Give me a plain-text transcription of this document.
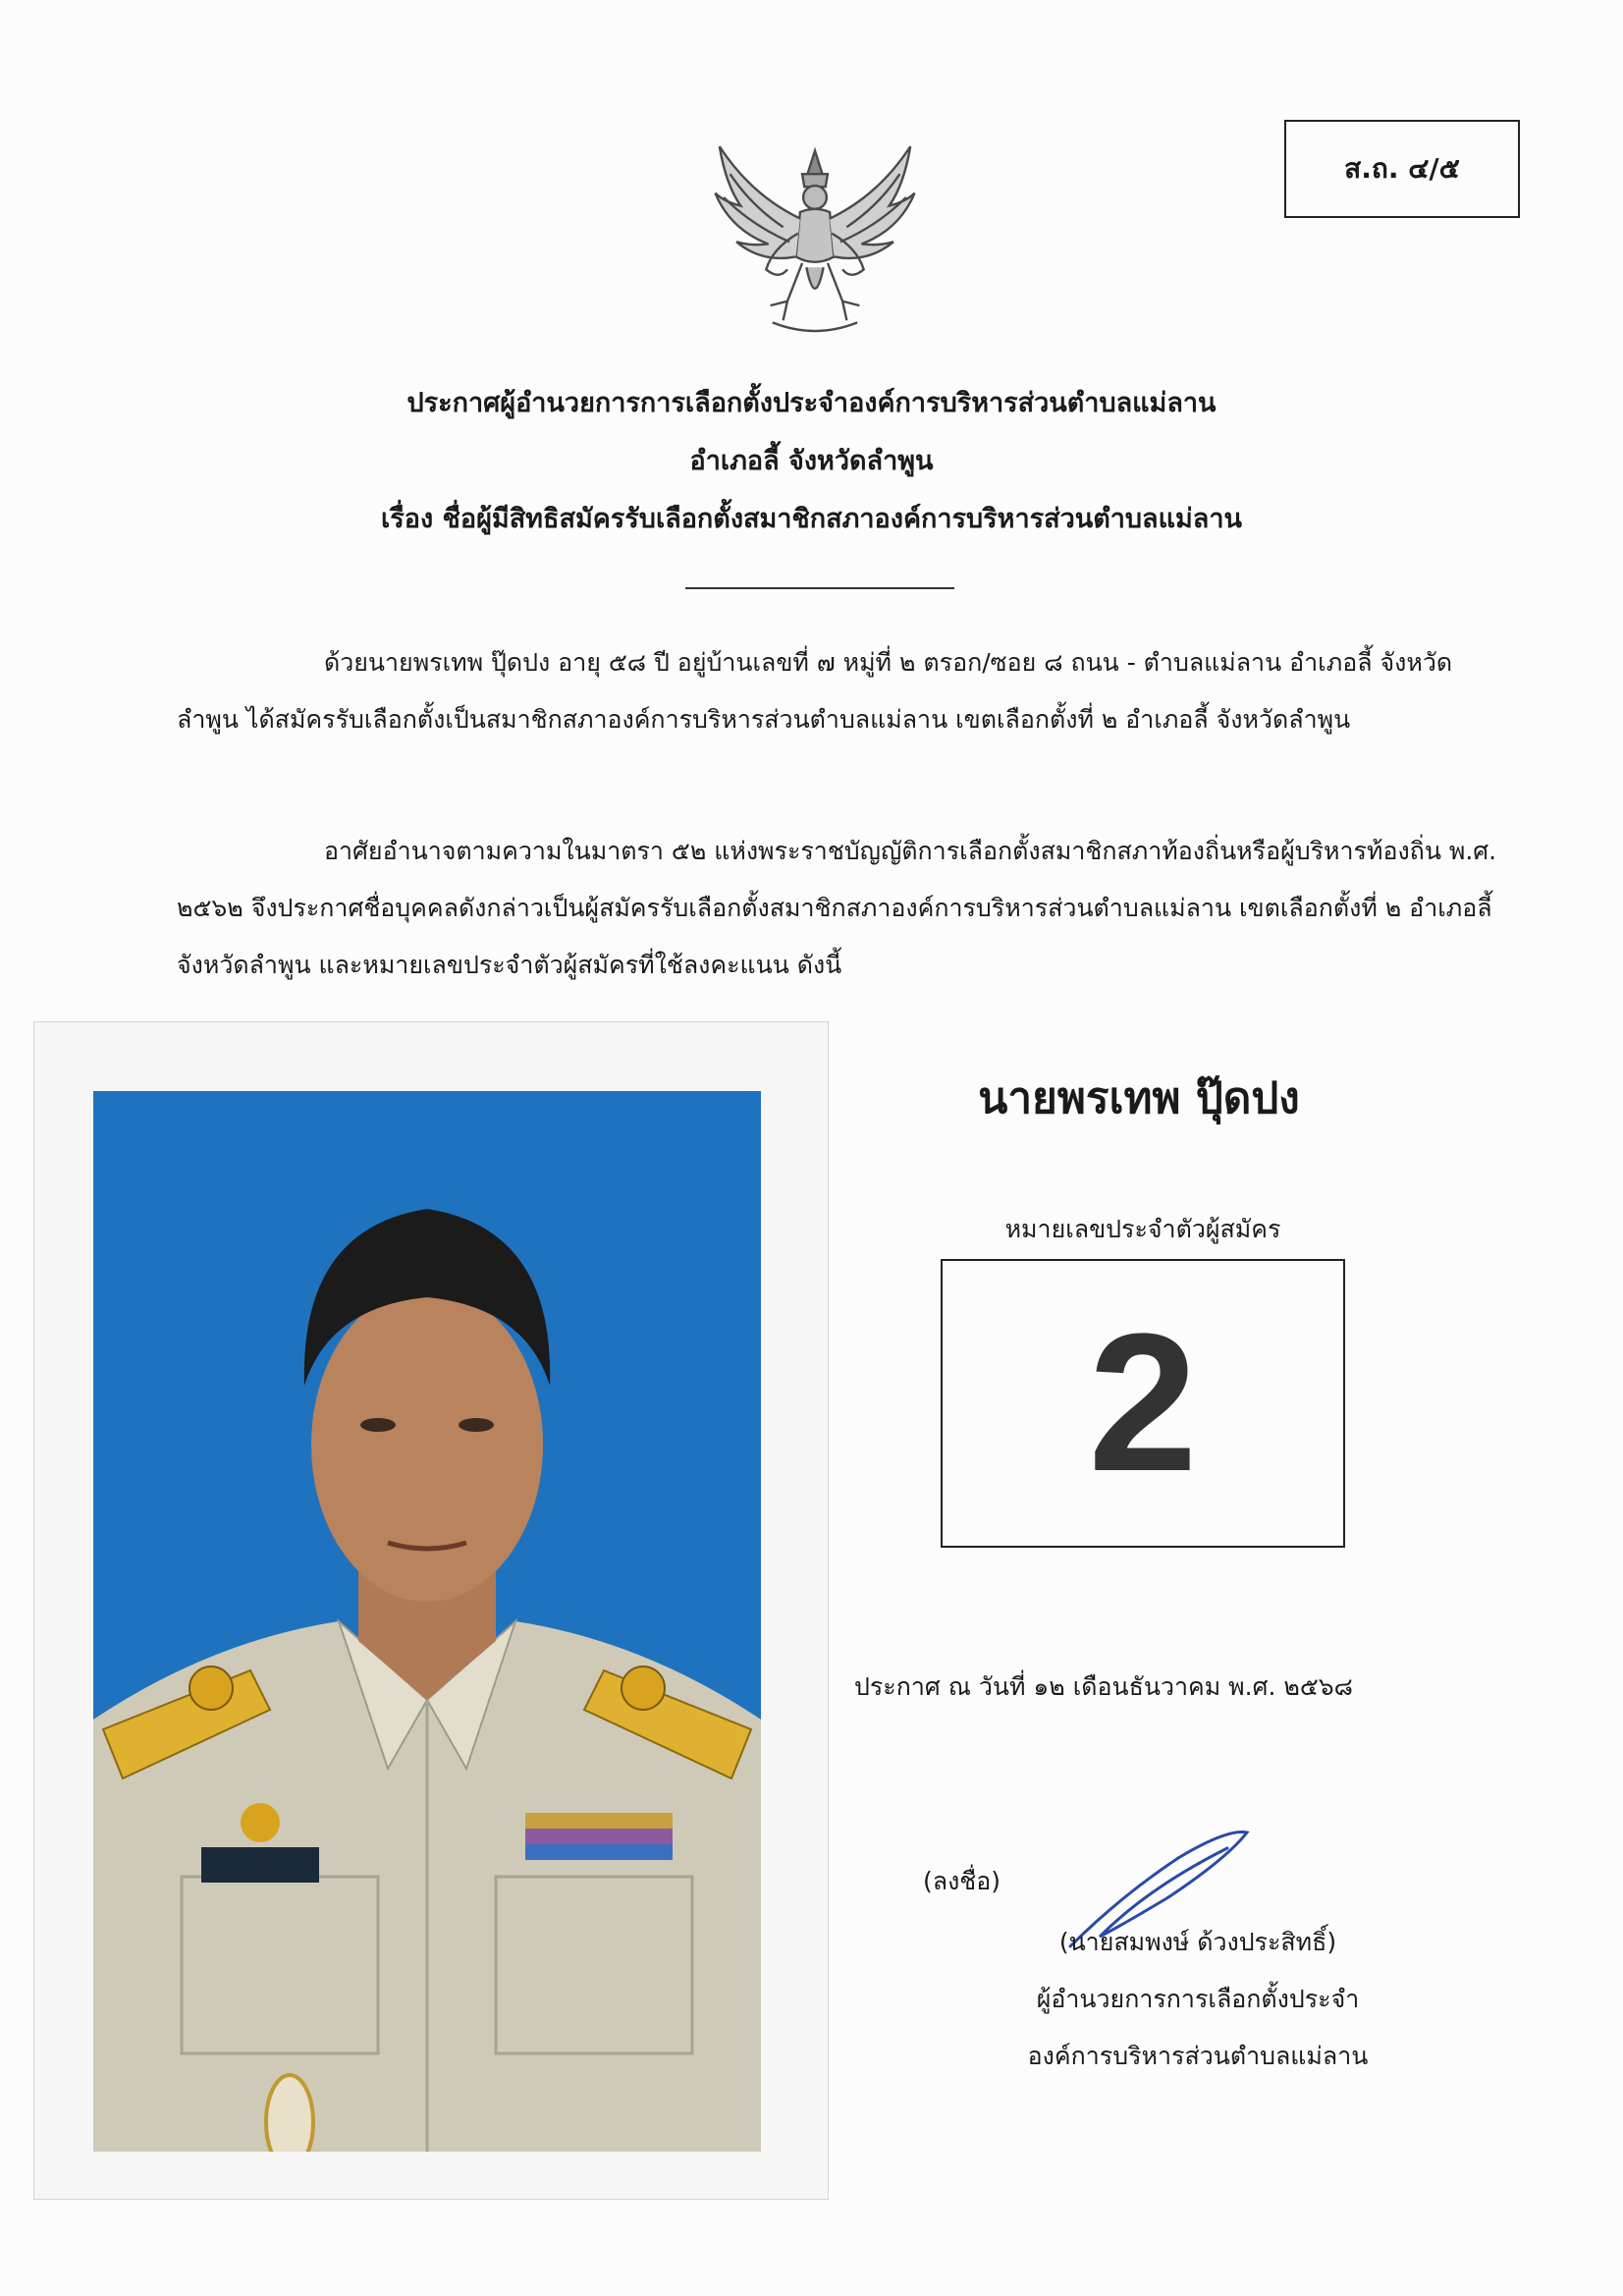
ส.ถ. ๔/๕
ประกาศผู้อำนวยการการเลือกตั้งประจำองค์การบริหารส่วนตำบลแม่ลาน
อำเภอลี้ จังหวัดลำพูน
เรื่อง ชื่อผู้มีสิทธิสมัครรับเลือกตั้งสมาชิกสภาองค์การบริหารส่วนตำบลแม่ลาน
ด้วยนายพรเทพ ปุ๊ดปง อายุ ๕๘ ปี อยู่บ้านเลขที่ ๗ หมู่ที่ ๒ ตรอก/ซอย ๘ ถนน - ตำบลแม่ลาน อำเภอลี้ จังหวัดลำพูน ได้สมัครรับเลือกตั้งเป็นสมาชิกสภาองค์การบริหารส่วนตำบลแม่ลาน เขตเลือกตั้งที่ ๒ อำเภอลี้ จังหวัดลำพูน
อาศัยอำนาจตามความในมาตรา ๕๒ แห่งพระราชบัญญัติการเลือกตั้งสมาชิกสภาท้องถิ่นหรือผู้บริหารท้องถิ่น พ.ศ. ๒๕๖๒ จึงประกาศชื่อบุคคลดังกล่าวเป็นผู้สมัครรับเลือกตั้งสมาชิกสภาองค์การบริหารส่วนตำบลแม่ลาน เขตเลือกตั้งที่ ๒ อำเภอลี้ จังหวัดลำพูน และหมายเลขประจำตัวผู้สมัครที่ใช้ลงคะแนน ดังนี้
นายพรเทพ ปุ๊ดปง
หมายเลขประจำตัวผู้สมัคร
2
ประกาศ ณ วันที่ ๑๒ เดือนธันวาคม พ.ศ. ๒๕๖๘
(ลงชื่อ)
(นายสมพงษ์ ด้วงประสิทธิ์)
ผู้อำนวยการการเลือกตั้งประจำ
องค์การบริหารส่วนตำบลแม่ลาน
